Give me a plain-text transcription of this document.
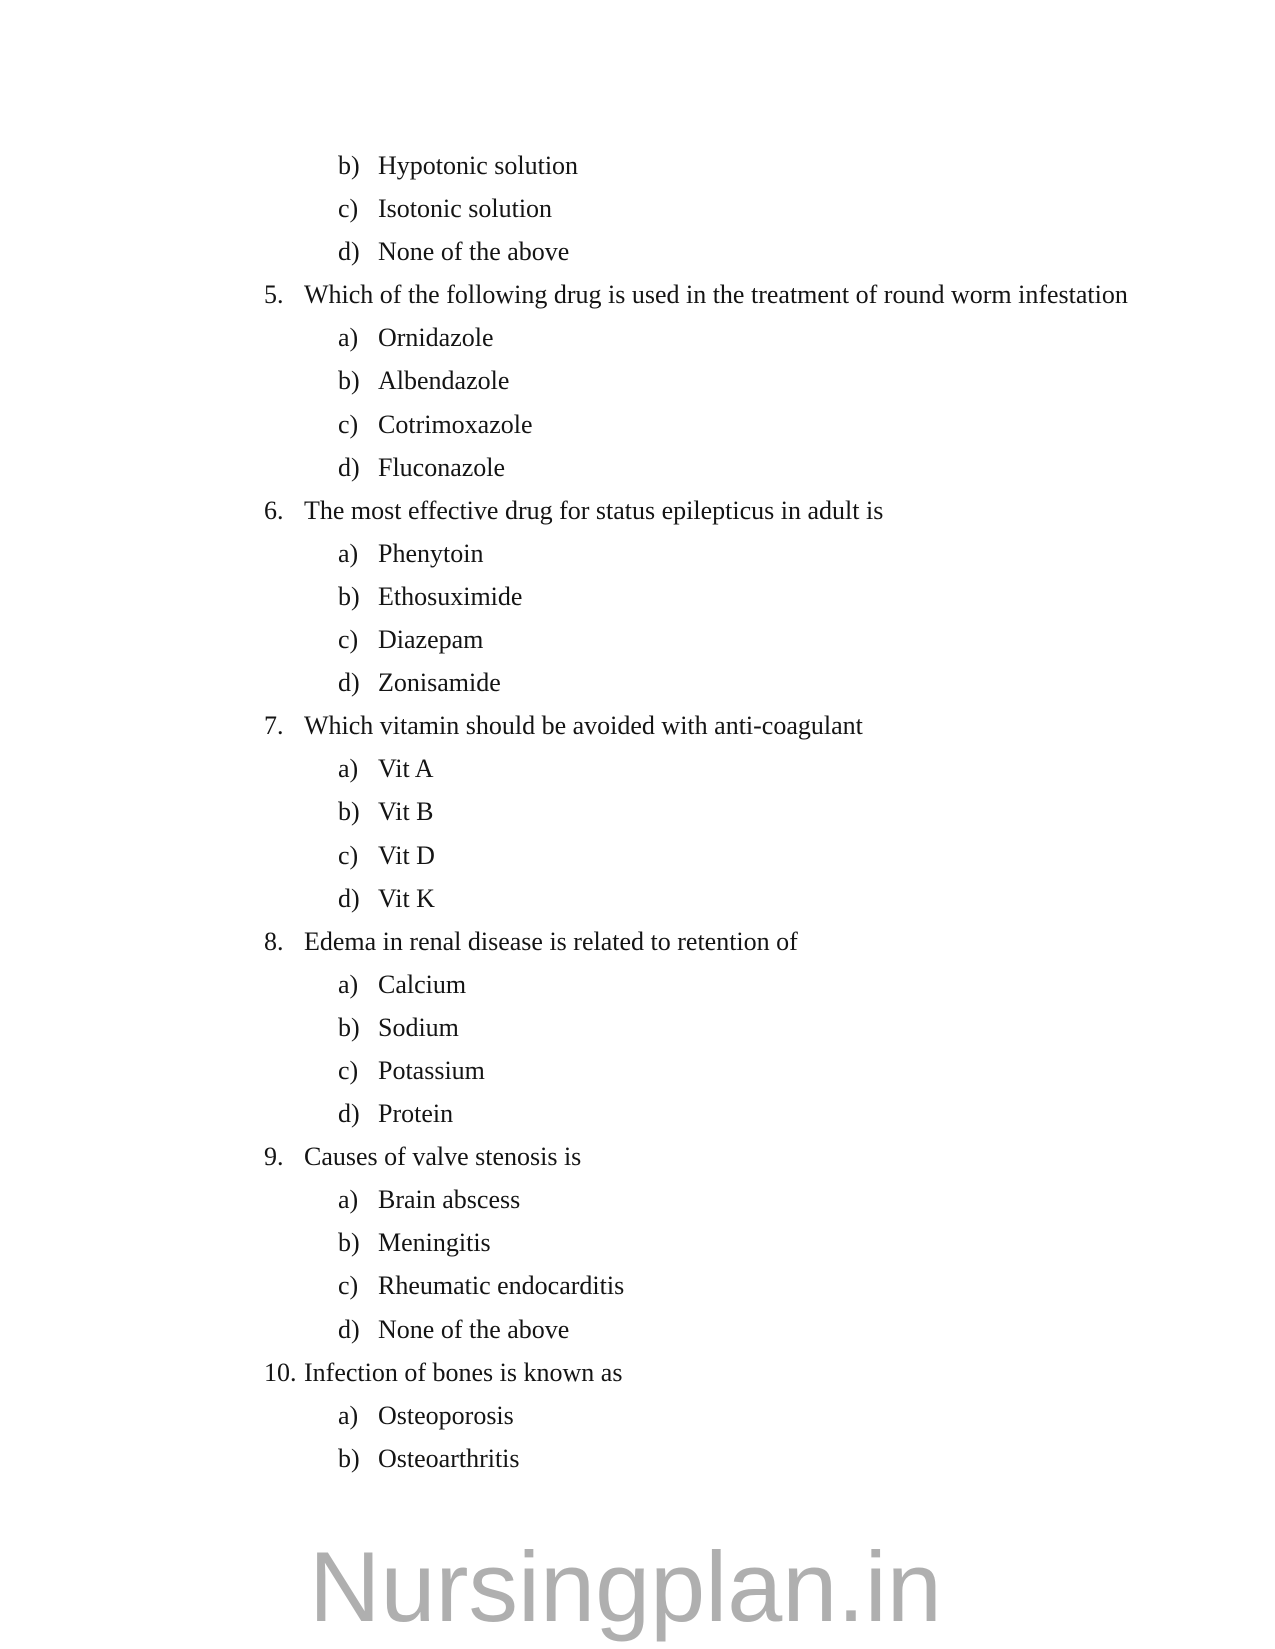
b) Hypotonic solution
c) Isotonic solution
d) None of the above
5. Which of the following drug is used in the treatment of round worm infestation
a) Ornidazole
b) Albendazole
c) Cotrimoxazole
d) Fluconazole
6. The most effective drug for status epilepticus in adult is
a) Phenytoin
b) Ethosuximide
c) Diazepam
d) Zonisamide
7. Which vitamin should be avoided with anti-coagulant
a) Vit A
b) Vit B
c) Vit D
d) Vit K
8. Edema in renal disease is related to retention of
a) Calcium
b) Sodium
c) Potassium
d) Protein
9. Causes of valve stenosis is
a) Brain abscess
b) Meningitis
c) Rheumatic endocarditis
d) None of the above
10. Infection of bones is known as
a) Osteoporosis
b) Osteoarthritis
Nursingplan.in
